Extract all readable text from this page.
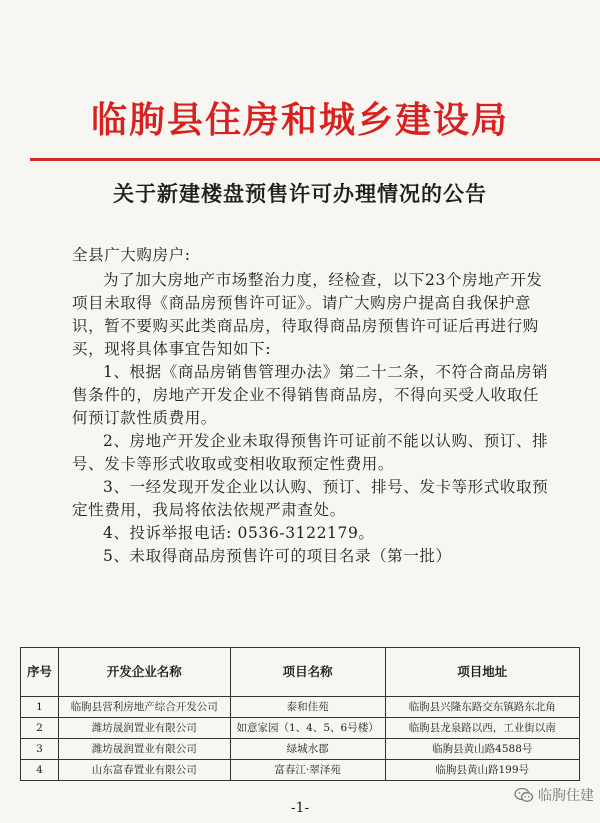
临朐县住房和城乡建设局
关于新建楼盘预售许可办理情况的公告

全县广大购房户:

为了加大房地产市场整治力度，经检查，以下23个房地产开发项目未取得《商品房预售许可证》。请广大购房户提高自我保护意识，暂不要购买此类商品房，待取得商品房预售许可证后再进行购买，现将具体事宜告知如下:

1、根据《商品房销售管理办法》第二十二条，不符合商品房销售条件的，房地产开发企业不得销售商品房，不得向买受人收取任何预订款性质费用。

2、房地产开发企业未取得预售许可证前不能以认购、预订、排号、发卡等形式收取或变相收取预定性费用。

3、一经发现开发企业以认购、预订、排号、发卡等形式收取预定性费用，我局将依法依规严肃查处。

4、投诉举报电话: 0536-3122179。

5、未取得商品房预售许可的项目名录（第一批）

序号	开发企业名称	项目名称	项目地址
1	临朐县营利房地产综合开发公司	泰和佳苑	临朐县兴隆东路交东镇路东北角
2	潍坊晟润置业有限公司	如意家园（1、4、5、6号楼）	临朐县龙泉路以西，工业街以南
3	潍坊晟润置业有限公司	绿城水郡	临朐县黄山路4588号
4	山东富春置业有限公司	富春江·翠泽苑	临朐县黄山路199号
-1-
临朐住建
